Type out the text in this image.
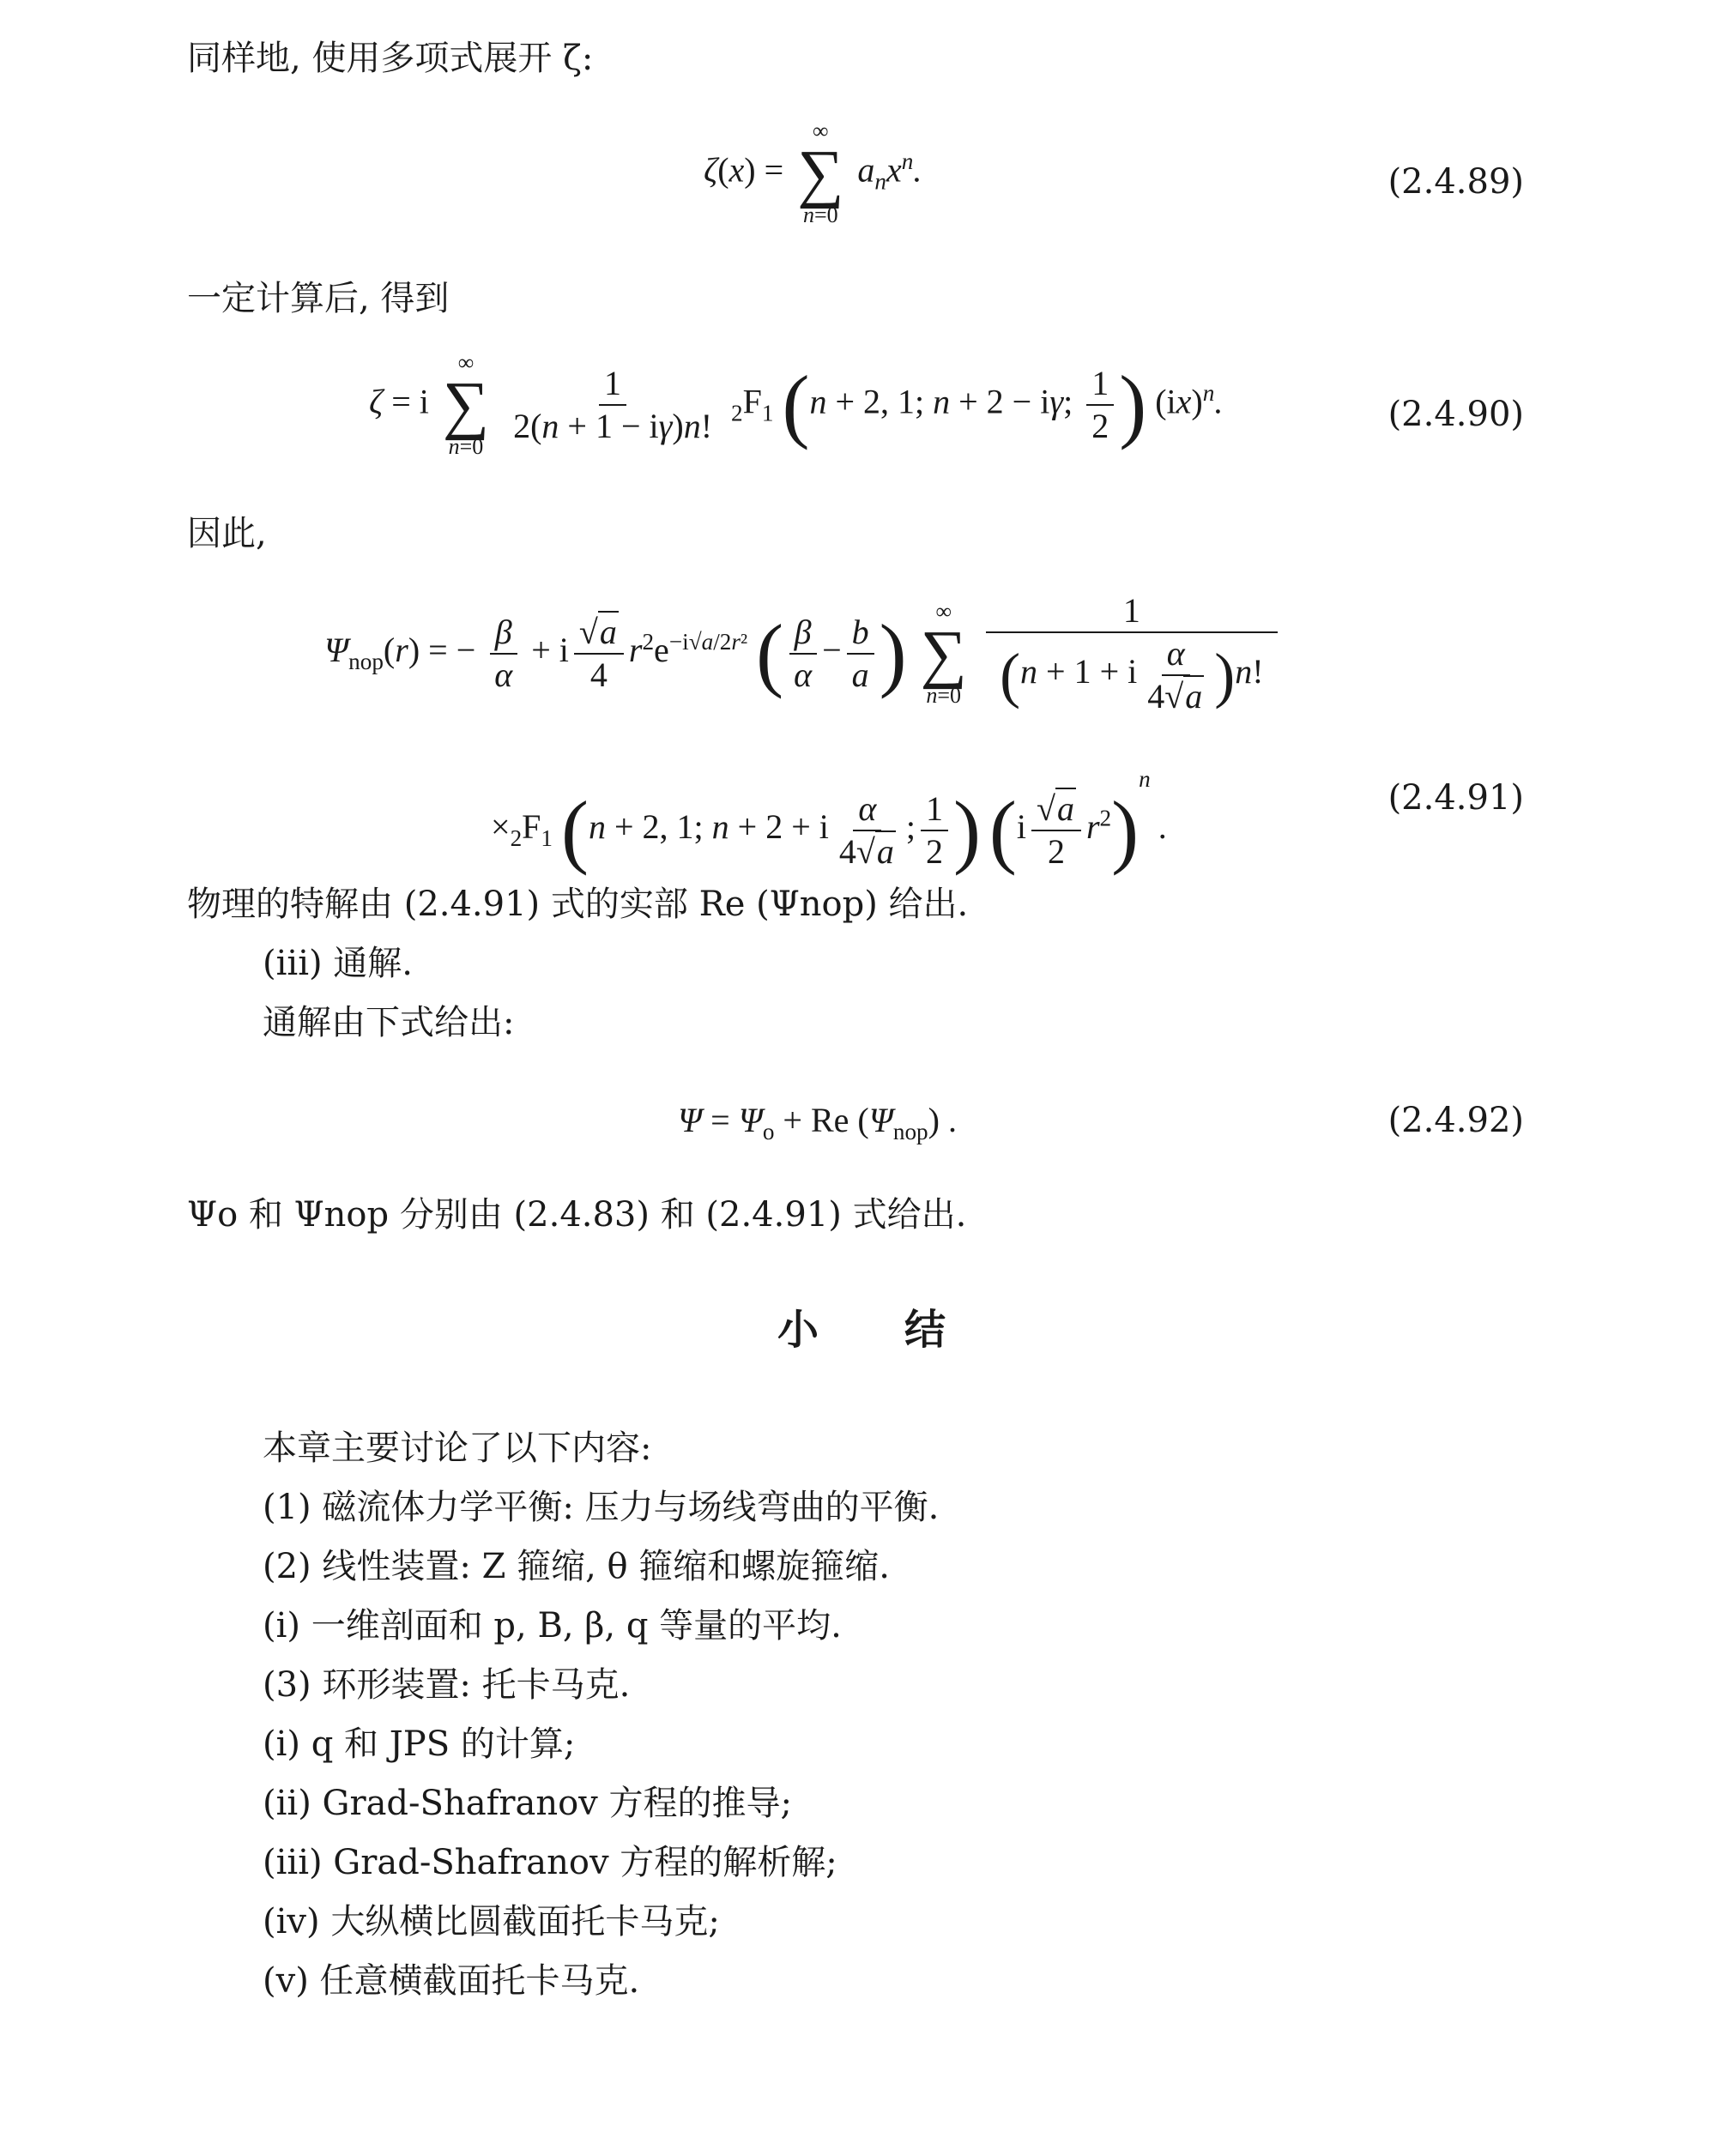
同样地, 使用多项式展开 ζ:
ζ(x) =
∞
∑
n=0
$a_nx^n$.	(2.4.89)
一定计算后, 得到
ζ = i
∞
∑
n=0

$\frac{1}{2(n + 1 - i\gamma)n!} _2F_1$ (n + 2, 1; n + 2 − iγ; $\frac{1}{2}$ ) (ix)$^n$.	(2.4.90)
因此,
$\Psi_{nop}(r)$ = − $\frac{\beta}{\alpha} + i \frac{√a}{4} r^2e^{-i√a/2r^2}$ ( $\frac{\beta}{\alpha} - \frac{b}{a}$ ) ∞
∑
n=0
$\frac{1}{(n + 1 + i \frac{\alpha}{4√a} )n!}$
$\times_2F_1$ (n + 2, 1; n + 2 + i $\frac{\alpha}{4√a}$ ; $\frac{1}{2}$ ) $(i \frac{√a}{2} r^2)^n$ .
(2.4.91)
物理的特解由 (2.4.91) 式的实部 Re (Ψnop) 给出.
(iii) 通解.
通解由下式给出:
$\Psi = \Psi_o + Re$ $(\Psi_{nop})$ .	(2.4.92)
Ψo 和 Ψnop 分别由 (2.4.83) 和 (2.4.91) 式给出.
小 结
本章主要讨论了以下内容:
(1) 磁流体力学平衡: 压力与场线弯曲的平衡.
(2) 线性装置: Z 箍缩, θ 箍缩和螺旋箍缩.
(i) 一维剖面和 p, B, β, q 等量的平均.
(3) 环形装置: 托卡马克.
(i) q 和 JPS 的计算;
(ii) Grad-Shafranov 方程的推导;
(iii) Grad-Shafranov 方程的解析解;
(iv) 大纵横比圆截面托卡马克;
(v) 任意横截面托卡马克.
